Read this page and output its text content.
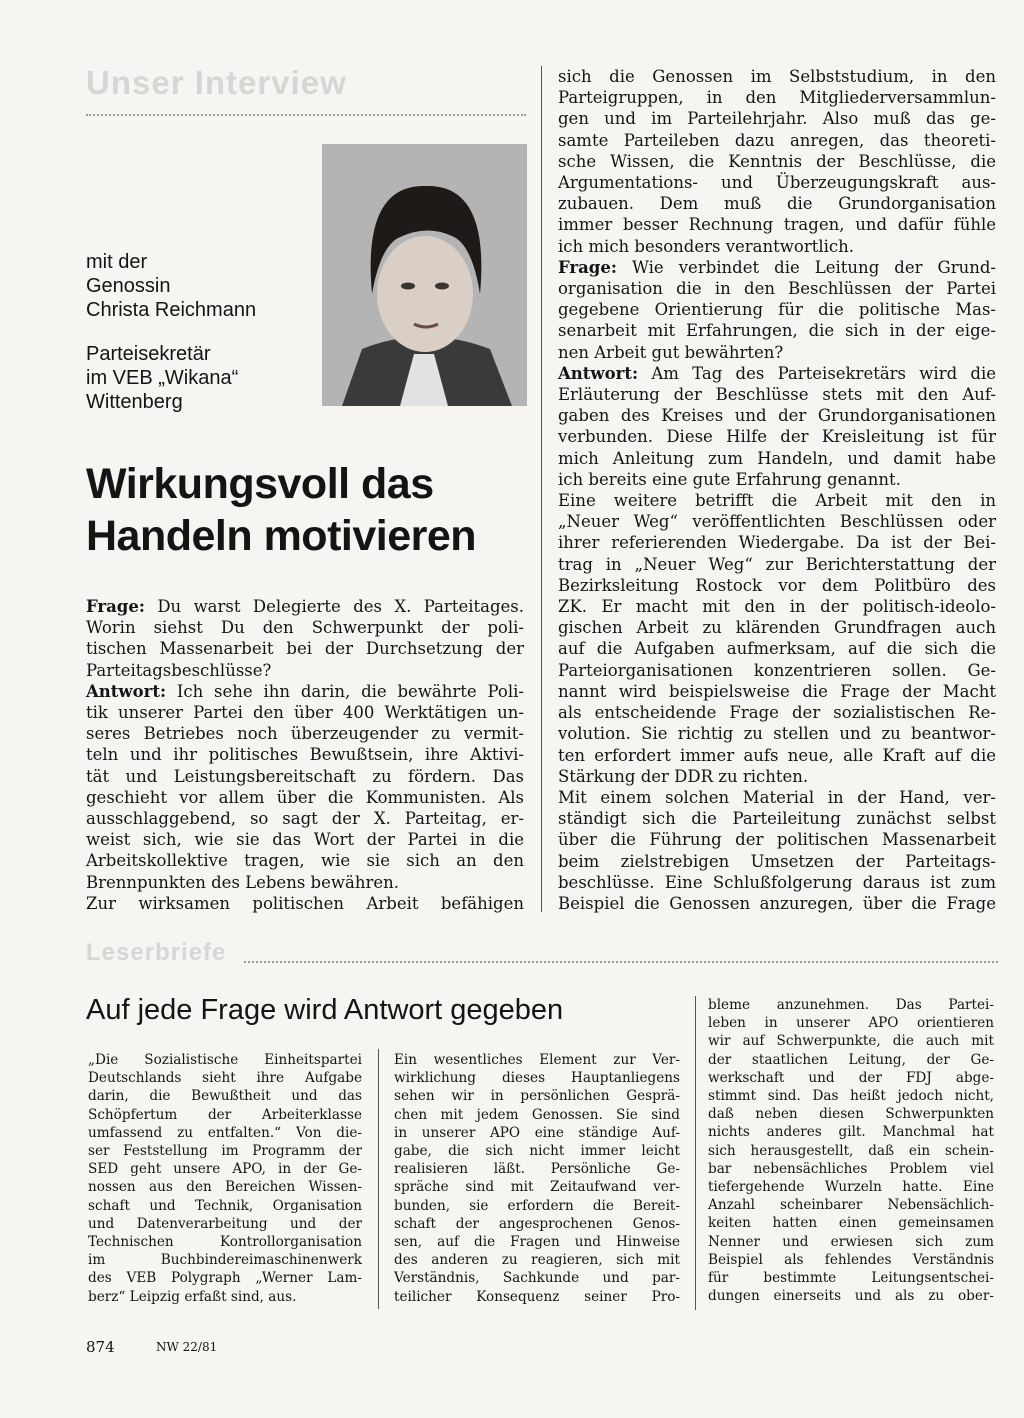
Unser Interview

mit der

Genossin

Christa Reichmann

Parteisekretär

im VEB „Wikana“

Wittenberg

Wirkungsvoll das

Handeln motivieren

Frage: Du warst Delegierte des X. Parteitages.
Worin siehst Du den Schwerpunkt der poli-
tischen Massenarbeit bei der Durchsetzung der
Parteitagsbeschlüsse?
Antwort: Ich sehe ihn darin, die bewährte Poli-
tik unserer Partei den über 400 Werktätigen un-
seres Betriebes noch überzeugender zu vermit-
teln und ihr politisches Bewußtsein, ihre Aktivi-
tät und Leistungsbereitschaft zu fördern. Das
geschieht vor allem über die Kommunisten. Als
ausschlaggebend, so sagt der X. Parteitag, er-
weist sich, wie sie das Wort der Partei in die
Arbeitskollektive tragen, wie sie sich an den
Brennpunkten des Lebens bewähren.
Zur wirksamen politischen Arbeit befähigen
sich die Genossen im Selbststudium, in den
Parteigruppen, in den Mitgliederversammlun-
gen und im Parteilehrjahr. Also muß das ge-
samte Parteileben dazu anregen, das theoreti-
sche Wissen, die Kenntnis der Beschlüsse, die
Argumentations- und Überzeugungskraft aus-
zubauen. Dem muß die Grundorganisation
immer besser Rechnung tragen, und dafür fühle
ich mich besonders verantwortlich.
Frage: Wie verbindet die Leitung der Grund-
organisation die in den Beschlüssen der Partei
gegebene Orientierung für die politische Mas-
senarbeit mit Erfahrungen, die sich in der eige-
nen Arbeit gut bewährten?
Antwort: Am Tag des Parteisekretärs wird die
Erläuterung der Beschlüsse stets mit den Auf-
gaben des Kreises und der Grundorganisationen
verbunden. Diese Hilfe der Kreisleitung ist für
mich Anleitung zum Handeln, und damit habe
ich bereits eine gute Erfahrung genannt.
Eine weitere betrifft die Arbeit mit den in
„Neuer Weg“ veröffentlichten Beschlüssen oder
ihrer referierenden Wiedergabe. Da ist der Bei-
trag in „Neuer Weg“ zur Berichterstattung der
Bezirksleitung Rostock vor dem Politbüro des
ZK. Er macht mit den in der politisch-ideolo-
gischen Arbeit zu klärenden Grundfragen auch
auf die Aufgaben aufmerksam, auf die sich die
Parteiorganisationen konzentrieren sollen. Ge-
nannt wird beispielsweise die Frage der Macht
als entscheidende Frage der sozialistischen Re-
volution. Sie richtig zu stellen und zu beantwor-
ten erfordert immer aufs neue, alle Kraft auf die
Stärkung der DDR zu richten.
Mit einem solchen Material in der Hand, ver-
ständigt sich die Parteileitung zunächst selbst
über die Führung der politischen Massenarbeit
beim zielstrebigen Umsetzen der Parteitags-
beschlüsse. Eine Schlußfolgerung daraus ist zum
Beispiel die Genossen anzuregen, über die Frage

Leserbriefe

Auf jede Frage wird Antwort gegeben

„Die Sozialistische Einheitspartei
Deutschlands sieht ihre Aufgabe
darin, die Bewußtheit und das
Schöpfertum der Arbeiterklasse
umfassend zu entfalten.“ Von die-
ser Feststellung im Programm der
SED geht unsere APO, in der Ge-
nossen aus den Bereichen Wissen-
schaft und Technik, Organisation
und Datenverarbeitung und der
Technischen Kontrollorganisation
im Buchbindereimaschinenwerk
des VEB Polygraph „Werner Lam-
berz“ Leipzig erfaßt sind, aus.
Ein wesentliches Element zur Ver-
wirklichung dieses Hauptanliegens
sehen wir in persönlichen Gesprä-
chen mit jedem Genossen. Sie sind
in unserer APO eine ständige Auf-
gabe, die sich nicht immer leicht
realisieren läßt. Persönliche Ge-
spräche sind mit Zeitaufwand ver-
bunden, sie erfordern die Bereit-
schaft der angesprochenen Genos-
sen, auf die Fragen und Hinweise
des anderen zu reagieren, sich mit
Verständnis, Sachkunde und par-
teilicher Konsequenz seiner Pro-
bleme anzunehmen. Das Partei-
leben in unserer APO orientieren
wir auf Schwerpunkte, die auch mit
der staatlichen Leitung, der Ge-
werkschaft und der FDJ abge-
stimmt sind. Das heißt jedoch nicht,
daß neben diesen Schwerpunkten
nichts anderes gilt. Manchmal hat
sich herausgestellt, daß ein schein-
bar nebensächliches Problem viel
tiefergehende Wurzeln hatte. Eine
Anzahl scheinbarer Nebensächlich-
keiten hatten einen gemeinsamen
Nenner und erwiesen sich zum
Beispiel als fehlendes Verständnis
für bestimmte Leitungsentschei-
dungen einerseits und als zu ober-

874	NW 22/81
